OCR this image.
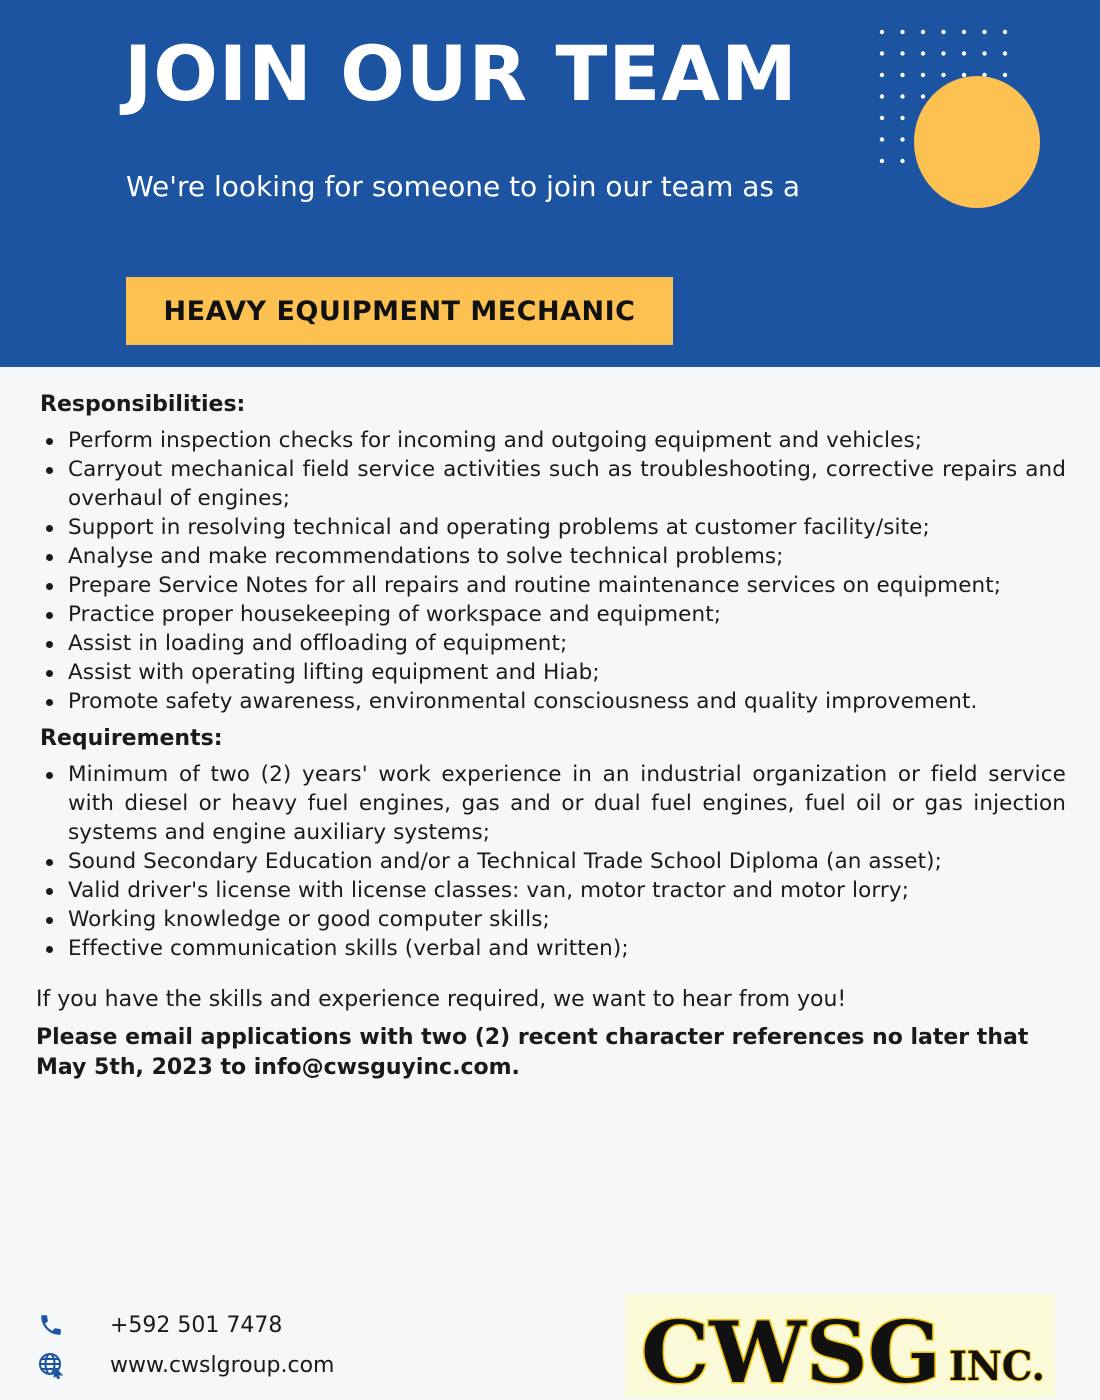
JOIN OUR TEAM
We're looking for someone to join our team as a
HEAVY EQUIPMENT MECHANIC
Responsibilities:
Perform inspection checks for incoming and outgoing equipment and vehicles;
Carryout mechanical field service activities such as troubleshooting, corrective repairs and overhaul of engines;
Support in resolving technical and operating problems at customer facility/site;
Analyse and make recommendations to solve technical problems;
Prepare Service Notes for all repairs and routine maintenance services on equipment;
Practice proper housekeeping of workspace and equipment;
Assist in loading and offloading of equipment;
Assist with operating lifting equipment and Hiab;
Promote safety awareness, environmental consciousness and quality improvement.
Requirements:
Minimum of two (2) years' work experience in an industrial organization or field service with diesel or heavy fuel engines, gas and or dual fuel engines, fuel oil or gas injection systems and engine auxiliary systems;
Sound Secondary Education and/or a Technical Trade School Diploma (an asset);
Valid driver's license with license classes: van, motor tractor and motor lorry;
Working knowledge or good computer skills;
Effective communication skills (verbal and written);
If you have the skills and experience required, we want to hear from you!
Please email applications with two (2) recent character references no later that May 5th, 2023 to info@cwsguyinc.com.
+592 501 7478
www.cwslgroup.com	CWSG INC.
